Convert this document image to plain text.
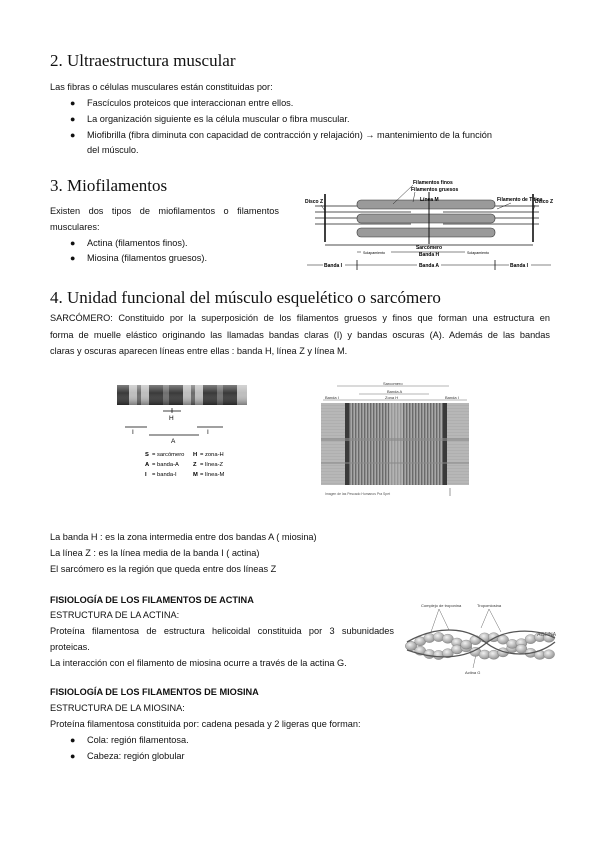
2. Ultraestructura muscular
Las fibras o células musculares están constituidas por:
● Fascículos proteicos que interaccionan entre ellos.
● La organización siguiente es la célula muscular o fibra muscular.
● Miofibrilla (fibra diminuta con capacidad de contracción y relajación) → mantenimiento de la función
del músculo.
3. Miofilamentos
Existen dos tipos de miofilamentos o filamentos
musculares:
● Actina (filamentos finos).
● Miosina (filamentos gruesos).
Filamentos finos
Filamentos gruesos
Línea M	Filamento de Titina
Disco Z	Disco Z
Sarcómero
Solapamiento	Solapamiento
Banda H
Banda I	Banda A	Banda I
4. Unidad funcional del músculo esquelético o sarcómero
SARCÓMERO: Constituido por la superposición de los filamentos gruesos y finos que forman una estructura en
forma de muelle elástico originando las llamadas bandas claras (I) y bandas oscuras (A). Además de las bandas
claras y oscuras aparecen líneas entre ellas : banda H, línea Z y línea M.
H
I	I
A
S = sarcómero
A = banda-A
I = banda-I
H = zona-H
Z = línea-Z
M = línea-M
Sarcomero
Banda A
Banda I	Banda I
Zona H
Imagen de las Pescado Humanos Pra Spet
La banda H : es la zona intermedia entre dos bandas A ( miosina)
La línea Z : es la línea media de la banda I ( actina)
El sarcómero es la región que queda entre dos líneas Z
FISIOLOGÍA DE LOS FILAMENTOS DE ACTINA
ESTRUCTURA DE LA ACTINA:
Proteína filamentosa de estructura helicoidal constituida por 3 subunidades
proteicas.
La interacción con el filamento de miosina ocurre a través de la actina G.
Complejo de troponina	Tropomiosina
ACTINA
Actina G
FISIOLOGÍA DE LOS FILAMENTOS DE MIOSINA
ESTRUCTURA DE LA MIOSINA:
Proteína filamentosa constituida por: cadena pesada y 2 ligeras que forman:
● Cola: región filamentosa.
● Cabeza: región globular
